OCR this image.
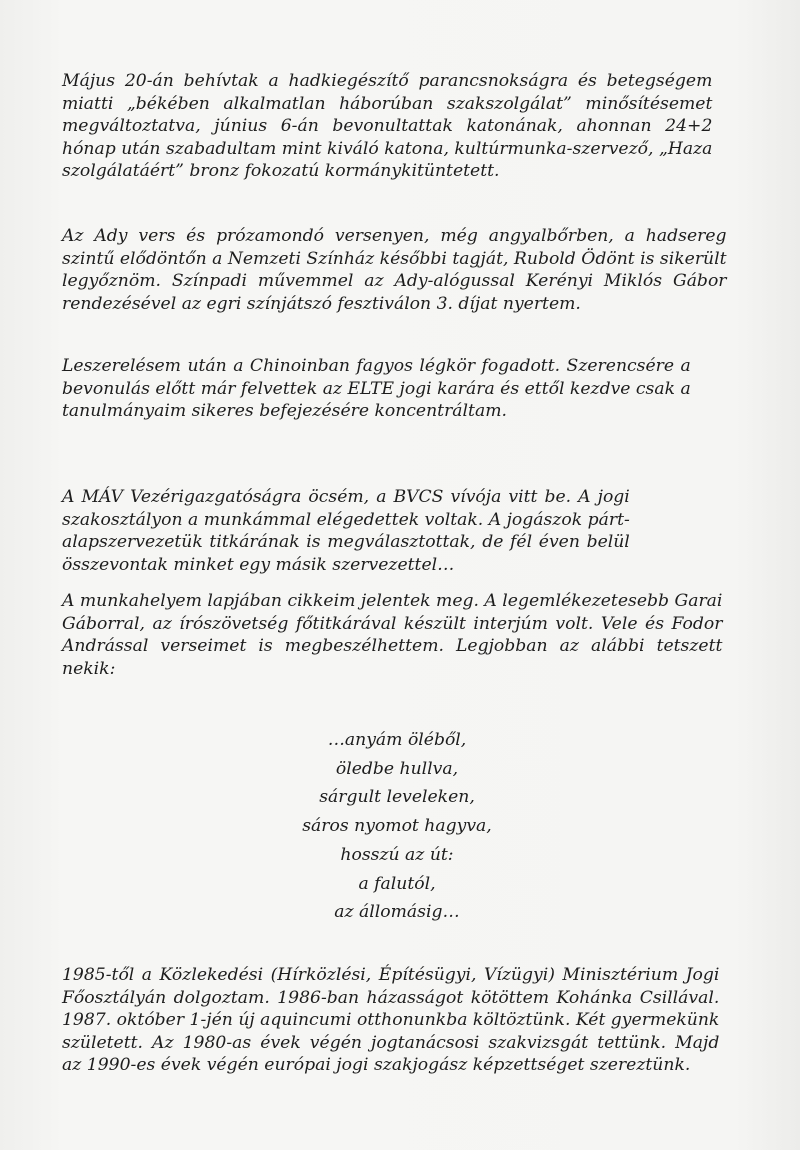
Május 20-án behívtak a hadkiegészítő parancsnokságra és betegségem
miatti „békében alkalmatlan háborúban szakszolgálat” minősítésemet
megváltoztatva, június 6-án bevonultattak katonának, ahonnan 24+2
hónap után szabadultam mint kiváló katona, kultúrmunka-szervező, „Haza
szolgálatáért” bronz fokozatú kormánykitüntetett.

Az Ady vers és prózamondó versenyen, még angyalbőrben, a hadsereg
szintű elődöntőn a Nemzeti Színház későbbi tagját, Rubold Ödönt is sikerült
legyőznöm. Színpadi művemmel az Ady-alógussal Kerényi Miklós Gábor
rendezésével az egri színjátszó fesztiválon 3. díjat nyertem.

Leszerelésem után a Chinoinban fagyos légkör fogadott. Szerencsére a
bevonulás előtt már felvettek az ELTE jogi karára és ettől kezdve csak a
tanulmányaim sikeres befejezésére koncentráltam.

A MÁV Vezérigazgatóságra öcsém, a BVCS vívója vitt be. A jogi
szakosztályon a munkámmal elégedettek voltak. A jogászok párt-
alapszervezetük titkárának is megválasztottak, de fél éven belül
összevontak minket egy másik szervezettel…

A munkahelyem lapjában cikkeim jelentek meg. A legemlékezetesebb Garai
Gáborral, az írószövetség főtitkárával készült interjúm volt. Vele és Fodor
Andrással verseimet is megbeszélhettem. Legjobban az alábbi tetszett
nekik:

…anyám öléből,
öledbe hullva,
sárgult leveleken,
sáros nyomot hagyva,
hosszú az út:
a falutól,
az állomásig…

1985-től a Közlekedési (Hírközlési, Építésügyi, Vízügyi) Minisztérium Jogi
Főosztályán dolgoztam. 1986-ban házasságot kötöttem Kohánka Csillával.
1987. október 1-jén új aquincumi otthonunkba költöztünk. Két gyermekünk
született. Az 1980-as évek végén jogtanácsosi szakvizsgát tettünk. Majd
az 1990-es évek végén európai jogi szakjogász képzettséget szereztünk.
